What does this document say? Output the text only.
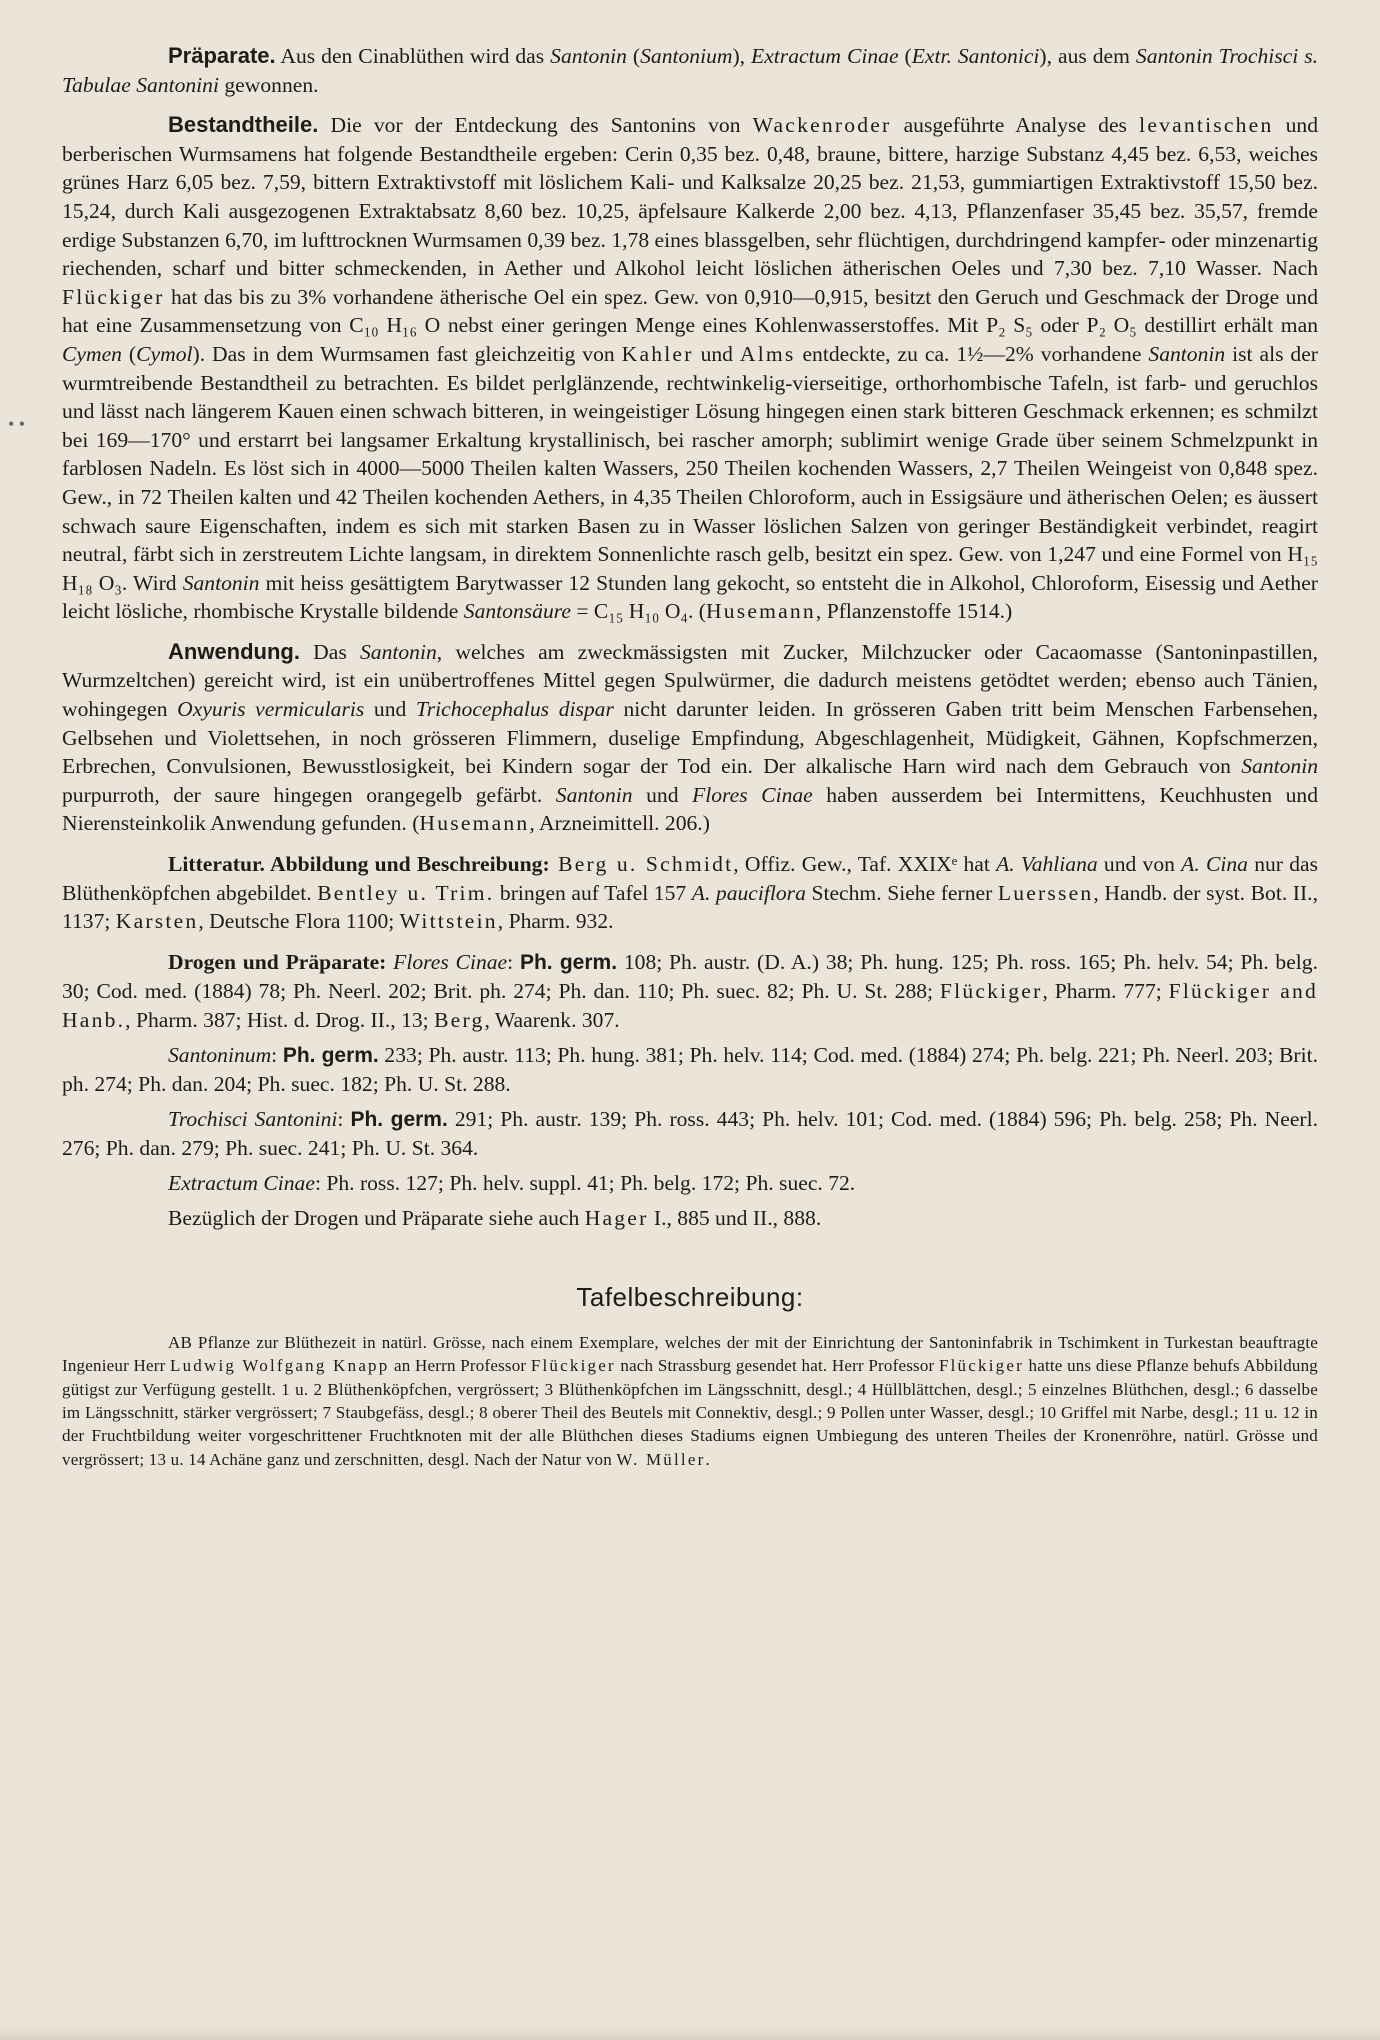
• •

Präparate. Aus den Cinablüthen wird das Santonin (Santonium), Extractum Cinae (Extr. Santonici), aus dem Santonin Trochisci s. Tabulae Santonini gewonnen.

Bestandtheile. Die vor der Entdeckung des Santonins von Wackenroder ausgeführte Analyse des levantischen und berberischen Wurmsamens hat folgende Bestandtheile ergeben: Cerin 0,35 bez. 0,48, braune, bittere, harzige Substanz 4,45 bez. 6,53, weiches grünes Harz 6,05 bez. 7,59, bittern Extraktivstoff mit löslichem Kali- und Kalksalze 20,25 bez. 21,53, gummiartigen Extraktivstoff 15,50 bez. 15,24, durch Kali ausgezogenen Extraktabsatz 8,60 bez. 10,25, äpfelsaure Kalkerde 2,00 bez. 4,13, Pflanzenfaser 35,45 bez. 35,57, fremde erdige Substanzen 6,70, im lufttrocknen Wurmsamen 0,39 bez. 1,78 eines blassgelben, sehr flüchtigen, durchdringend kampfer- oder minzenartig riechenden, scharf und bitter schmeckenden, in Aether und Alkohol leicht löslichen ätherischen Oeles und 7,30 bez. 7,10 Wasser. Nach Flückiger hat das bis zu 3% vorhandene ätherische Oel ein spez. Gew. von 0,910—0,915, besitzt den Geruch und Geschmack der Droge und hat eine Zusammensetzung von C₁₀ H₁₆ O nebst einer geringen Menge eines Kohlenwasserstoffes. Mit P₂ S₅ oder P₂ O₅ destillirt erhält man Cymen (Cymol). Das in dem Wurmsamen fast gleichzeitig von Kahler und Alms entdeckte, zu ca. 1½—2% vorhandene Santonin ist als der wurmtreibende Bestandtheil zu betrachten. Es bildet perlglänzende, rechtwinkelig-vierseitige, orthorhombische Tafeln, ist farb- und geruchlos und lässt nach längerem Kauen einen schwach bitteren, in weingeistiger Lösung hingegen einen stark bitteren Geschmack erkennen; es schmilzt bei 169—170° und erstarrt bei langsamer Erkaltung krystallinisch, bei rascher amorph; sublimirt wenige Grade über seinem Schmelzpunkt in farblosen Nadeln. Es löst sich in 4000—5000 Theilen kalten Wassers, 250 Theilen kochenden Wassers, 2,7 Theilen Weingeist von 0,848 spez. Gew., in 72 Theilen kalten und 42 Theilen kochenden Aethers, in 4,35 Theilen Chloroform, auch in Essigsäure und ätherischen Oelen; es äussert schwach saure Eigenschaften, indem es sich mit starken Basen zu in Wasser löslichen Salzen von geringer Beständigkeit verbindet, reagirt neutral, färbt sich in zerstreutem Lichte langsam, in direktem Sonnenlichte rasch gelb, besitzt ein spez. Gew. von 1,247 und eine Formel von H₁₅ H₁₈ O₃. Wird Santonin mit heiss gesättigtem Barytwasser 12 Stunden lang gekocht, so entsteht die in Alkohol, Chloroform, Eisessig und Aether leicht lösliche, rhombische Krystalle bildende Santonsäure = C₁₅ H₁₀ O₄. (Husemann, Pflanzenstoffe 1514.)

Anwendung. Das Santonin, welches am zweckmässigsten mit Zucker, Milchzucker oder Cacaomasse (Santoninpastillen, Wurmzeltchen) gereicht wird, ist ein unübertroffenes Mittel gegen Spulwürmer, die dadurch meistens getödtet werden; ebenso auch Tänien, wohingegen Oxyuris vermicularis und Trichocephalus dispar nicht darunter leiden. In grösseren Gaben tritt beim Menschen Farbensehen, Gelbsehen und Violettsehen, in noch grösseren Flimmern, duselige Empfindung, Abgeschlagenheit, Müdigkeit, Gähnen, Kopfschmerzen, Erbrechen, Convulsionen, Bewusstlosigkeit, bei Kindern sogar der Tod ein. Der alkalische Harn wird nach dem Gebrauch von Santonin purpurroth, der saure hingegen orangegelb gefärbt. Santonin und Flores Cinae haben ausserdem bei Intermittens, Keuchhusten und Nierensteinkolik Anwendung gefunden. (Husemann, Arzneimittell. 206.)

Litteratur. Abbildung und Beschreibung: Berg u. Schmidt, Offiz. Gew., Taf. XXIXᵉ hat A. Vahliana und von A. Cina nur das Blüthenköpfchen abgebildet. Bentley u. Trim. bringen auf Tafel 157 A. pauciflora Stechm. Siehe ferner Luerssen, Handb. der syst. Bot. II., 1137; Karsten, Deutsche Flora 1100; Wittstein, Pharm. 932.

Drogen und Präparate: Flores Cinae: Ph. germ. 108; Ph. austr. (D. A.) 38; Ph. hung. 125; Ph. ross. 165; Ph. helv. 54; Ph. belg. 30; Cod. med. (1884) 78; Ph. Neerl. 202; Brit. ph. 274; Ph. dan. 110; Ph. suec. 82; Ph. U. St. 288; Flückiger, Pharm. 777; Flückiger and Hanb., Pharm. 387; Hist. d. Drog. II., 13; Berg, Waarenk. 307.

Santoninum: Ph. germ. 233; Ph. austr. 113; Ph. hung. 381; Ph. helv. 114; Cod. med. (1884) 274; Ph. belg. 221; Ph. Neerl. 203; Brit. ph. 274; Ph. dan. 204; Ph. suec. 182; Ph. U. St. 288.

Trochisci Santonini: Ph. germ. 291; Ph. austr. 139; Ph. ross. 443; Ph. helv. 101; Cod. med. (1884) 596; Ph. belg. 258; Ph. Neerl. 276; Ph. dan. 279; Ph. suec. 241; Ph. U. St. 364.

Extractum Cinae: Ph. ross. 127; Ph. helv. suppl. 41; Ph. belg. 172; Ph. suec. 72.

Bezüglich der Drogen und Präparate siehe auch Hager I., 885 und II., 888.

Tafelbeschreibung:

AB Pflanze zur Blüthezeit in natürl. Grösse, nach einem Exemplare, welches der mit der Einrichtung der Santoninfabrik in Tschimkent in Turkestan beauftragte Ingenieur Herr Ludwig Wolfgang Knapp an Herrn Professor Flückiger nach Strassburg gesendet hat. Herr Professor Flückiger hatte uns diese Pflanze behufs Abbildung gütigst zur Verfügung gestellt. 1 u. 2 Blüthenköpfchen, vergrössert; 3 Blüthenköpfchen im Längsschnitt, desgl.; 4 Hüllblättchen, desgl.; 5 einzelnes Blüthchen, desgl.; 6 dasselbe im Längsschnitt, stärker vergrössert; 7 Staubgefäss, desgl.; 8 oberer Theil des Beutels mit Connektiv, desgl.; 9 Pollen unter Wasser, desgl.; 10 Griffel mit Narbe, desgl.; 11 u. 12 in der Fruchtbildung weiter vorgeschrittener Fruchtknoten mit der alle Blüthchen dieses Stadiums eignen Umbiegung des unteren Theiles der Kronenröhre, natürl. Grösse und vergrössert; 13 u. 14 Achäne ganz und zerschnitten, desgl. Nach der Natur von W. Müller.
